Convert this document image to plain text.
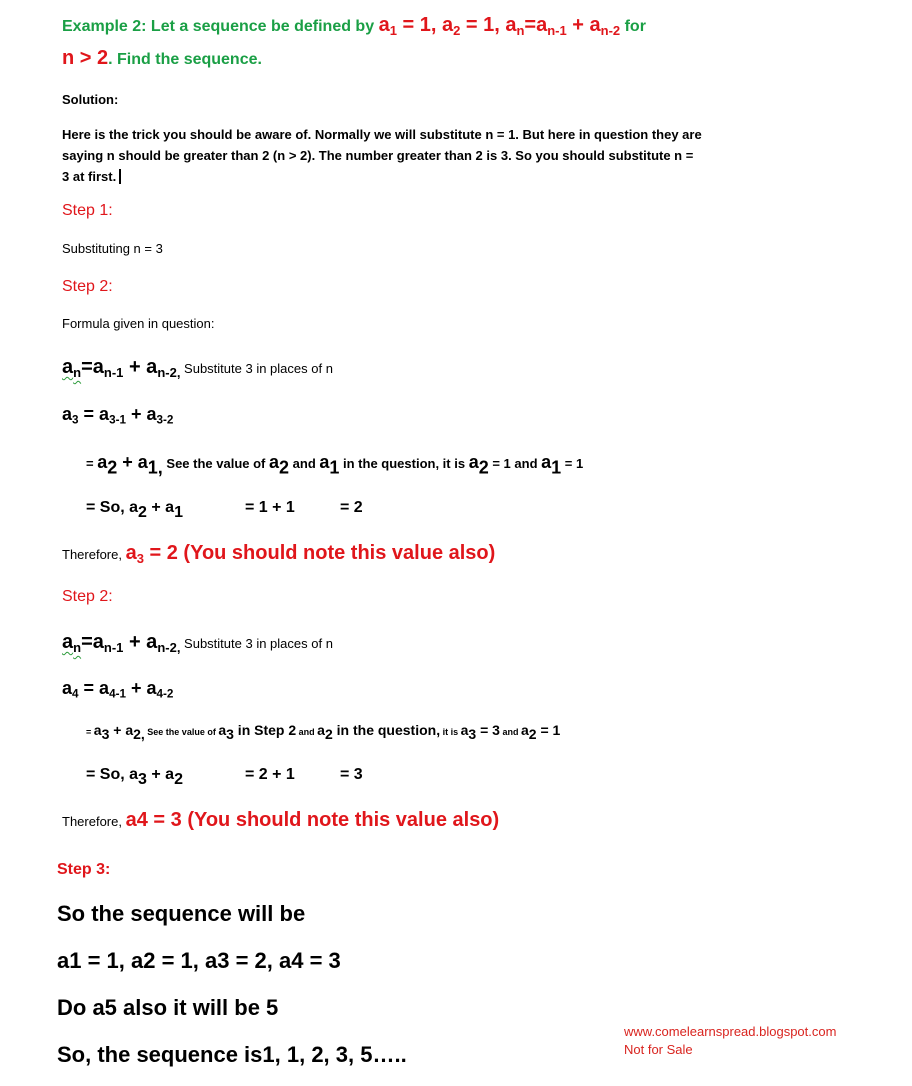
Example 2: Let a sequence be defined by $a_1 = 1$, $a_2 = 1$, $a_n=a_{n-1} + a_{n-2}$ for
n > 2. Find the sequence.
Solution:
Here is the trick you should be aware of. Normally we will substitute n = 1. But here in question they are saying n should be greater than 2 (n > 2). The number greater than 2 is 3. So you should substitute n = 3 at first.
Step 1:
Substituting n = 3
Step 2:
Formula given in question:
$a_n=a_{n-1} + a_{n-2,}$ Substitute 3 in places of n
$a_3 = a_{3-1} + a_{3-2}$
= $a_2 + a_{1,}$ See the value of $a_2$ and $a_1$ in the question, it is $a_2 = 1$ and $a_1 = 1$
= So, $a_2 + a_1$	= 1 + 1	= 2
Therefore, $a_3 = 2$ (You should note this value also)
Step 2:
$a_n=a_{n-1} + a_{n-2,}$ Substitute 3 in places of n
$a_4 = a_{4-1} + a_{4-2}$
= $a_3 + a_{2,}$ See the value of $a_3$ in Step 2 and $a_2$ in the question, it is $a_3 = 3$ and $a_2 = 1$
= So, $a_3 + a_2$	= 2 + 1	= 3
Therefore, a4 = 3 (You should note this value also)
Step 3:
So the sequence will be
a1 = 1, a2 = 1, a3 = 2, a4 = 3
Do a5 also it will be 5
So, the sequence is1, 1, 2, 3, 5…..
www.comelearnspread.blogspot.com
Not for Sale
